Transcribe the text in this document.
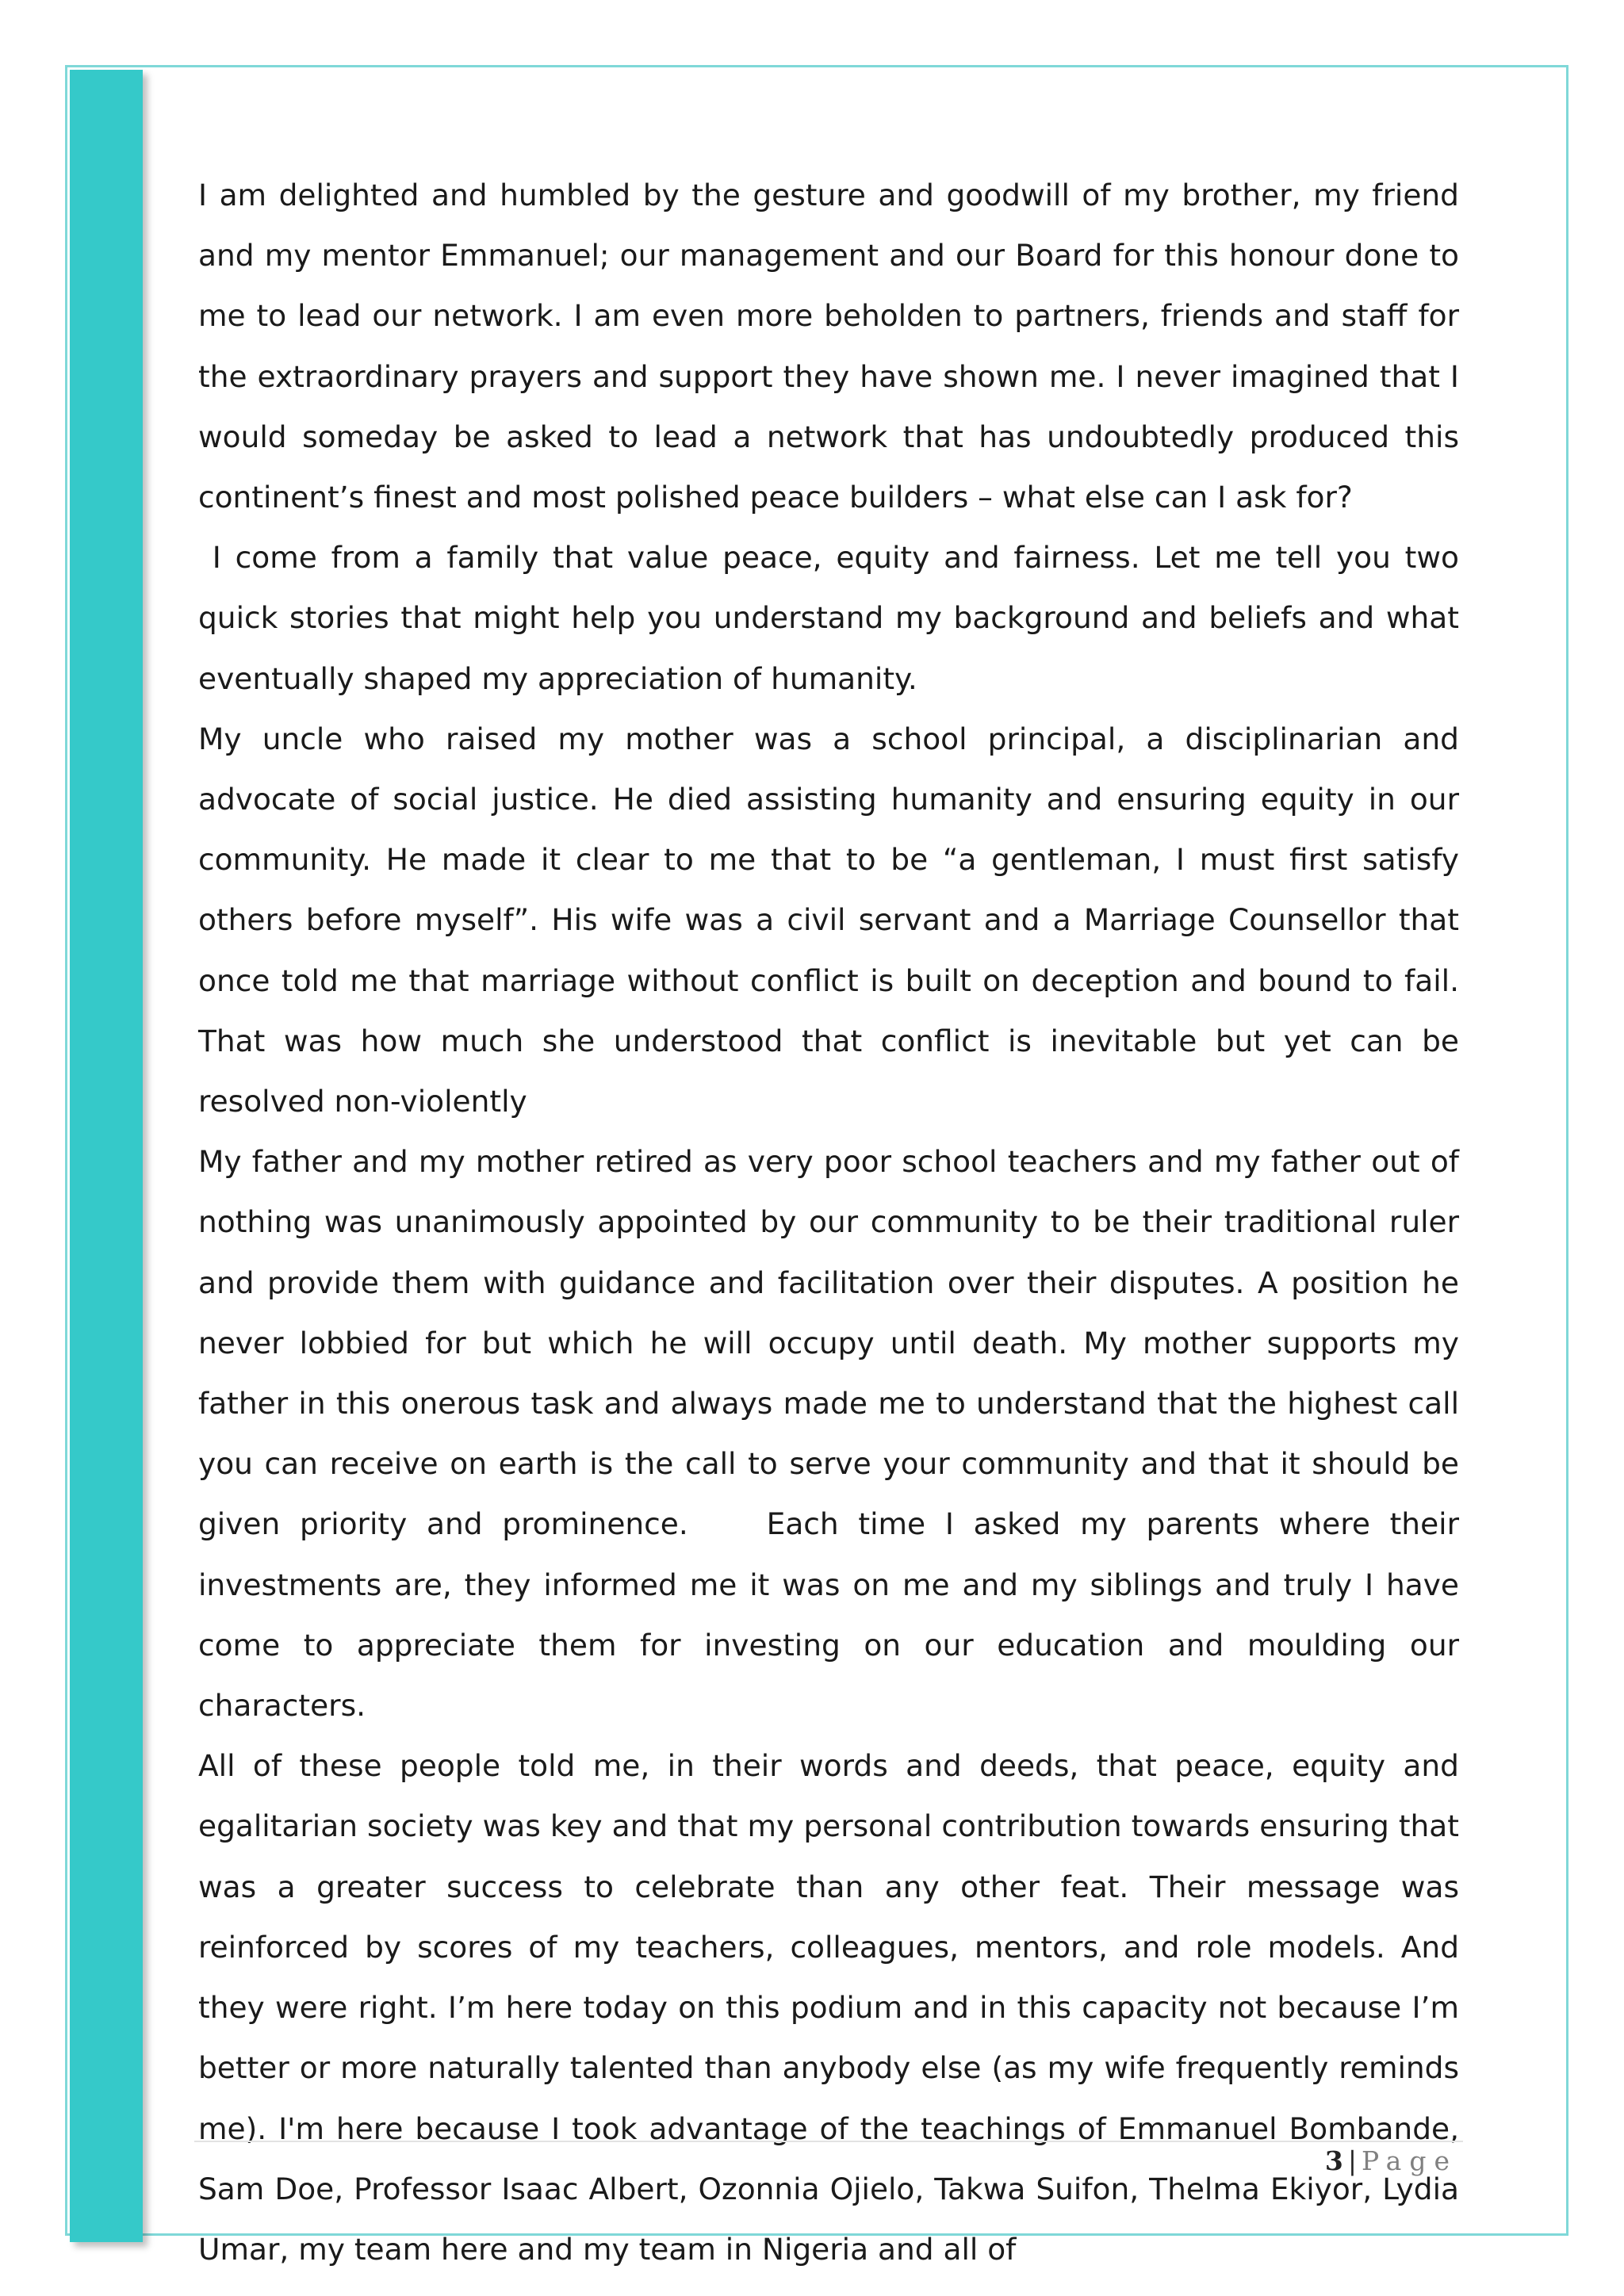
I am delighted and humbled by the gesture and goodwill of my brother, my friend and my mentor Emmanuel; our management and our Board for this honour done to me to lead our network. I am even more beholden to partners, friends and staff for the extraordinary prayers and support they have shown me. I never imagined that I would someday be asked to lead a network that has undoubtedly produced this continent’s finest and most polished peace builders – what else can I ask for?

I come from a family that value peace, equity and fairness. Let me tell you two quick stories that might help you understand my background and beliefs and what eventually shaped my appreciation of humanity.

My uncle who raised my mother was a school principal, a disciplinarian and advocate of social justice. He died assisting humanity and ensuring equity in our community. He made it clear to me that to be “a gentleman, I must first satisfy others before myself”. His wife was a civil servant and a Marriage Counsellor that once told me that marriage without conflict is built on deception and bound to fail. That was how much she understood that conflict is inevitable but yet can be resolved non-violently

My father and my mother retired as very poor school teachers and my father out of nothing was unanimously appointed by our community to be their traditional ruler and provide them with guidance and facilitation over their disputes. A position he never lobbied for but which he will occupy until death. My mother supports my father in this onerous task and always made me to understand that the highest call you can receive on earth is the call to serve your community and that it should be given priority and prominence.    Each time I asked my parents where their investments are, they informed me it was on me and my siblings and truly I have come to appreciate them for investing on our education and moulding our characters.

All of these people told me, in their words and deeds, that peace, equity and egalitarian society was key and that my personal contribution towards ensuring that was a greater success to celebrate than any other feat. Their message was reinforced by scores of my teachers, colleagues, mentors, and role models. And they were right. I’m here today on this podium and in this capacity not because I’m better or more naturally talented than anybody else (as my wife frequently reminds me). I'm here because I took advantage of the teachings of Emmanuel Bombande, Sam Doe, Professor Isaac Albert, Ozonnia Ojielo, Takwa Suifon, Thelma Ekiyor, Lydia Umar, my team here and my team in Nigeria and all of

3 | Page
